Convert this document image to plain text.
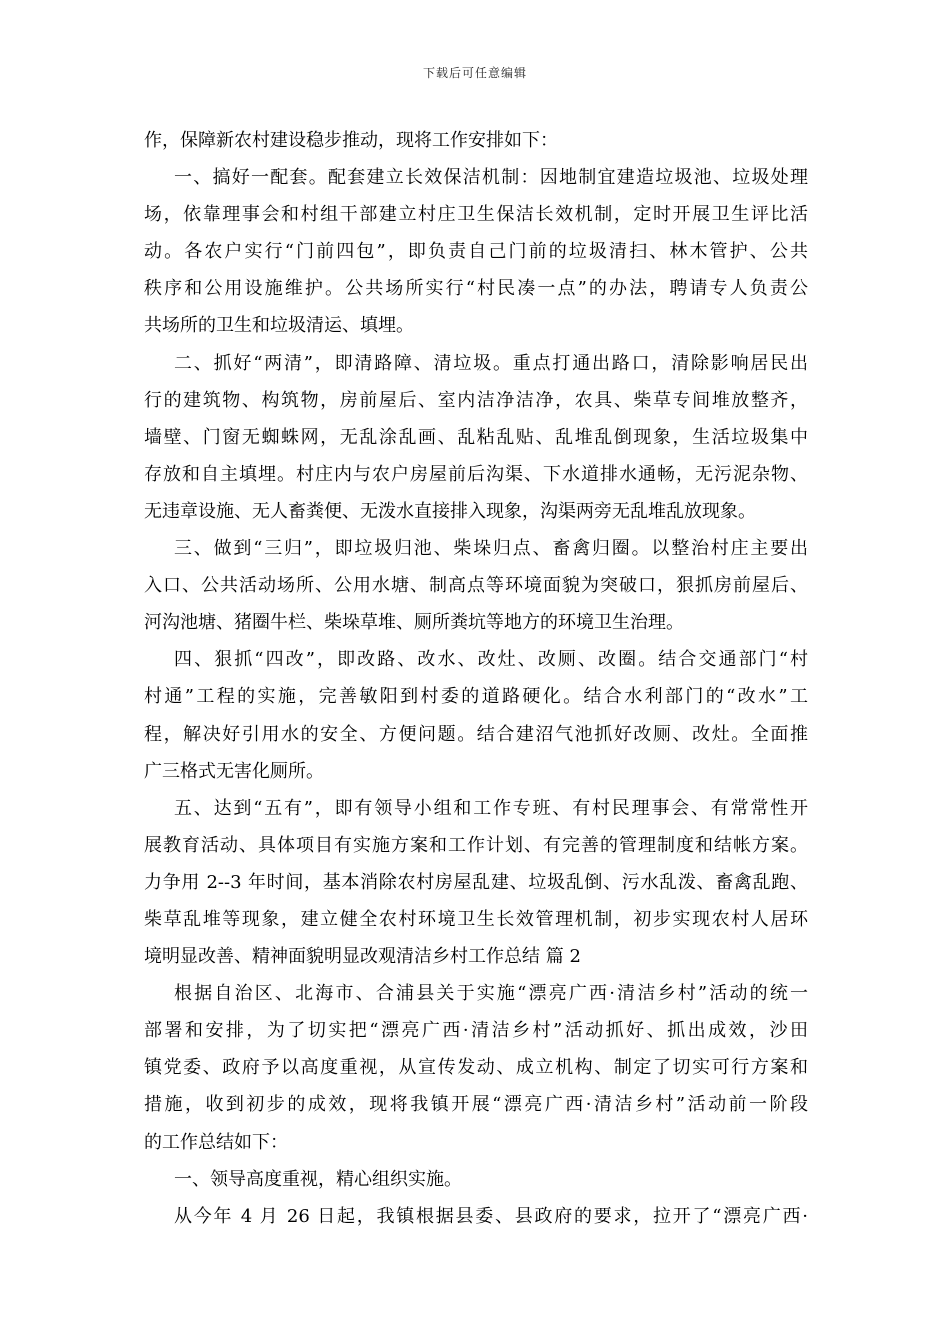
下载后可任意编辑
作，保障新农村建设稳步推动，现将工作安排如下：
一、搞好一配套。配套建立长效保洁机制：因地制宜建造垃圾池、垃圾处理
场，依靠理事会和村组干部建立村庄卫生保洁长效机制，定时开展卫生评比活
动。各农户实行“门前四包”，即负责自己门前的垃圾清扫、林木管护、公共
秩序和公用设施维护。公共场所实行“村民凑一点”的办法，聘请专人负责公
共场所的卫生和垃圾清运、填埋。
二、抓好“两清”，即清路障、清垃圾。重点打通出路口，清除影响居民出
行的建筑物、构筑物，房前屋后、室内洁净洁净，农具、柴草专间堆放整齐，
墙壁、门窗无蜘蛛网，无乱涂乱画、乱粘乱贴、乱堆乱倒现象，生活垃圾集中
存放和自主填埋。村庄内与农户房屋前后沟渠、下水道排水通畅，无污泥杂物、
无违章设施、无人畜粪便、无泼水直接排入现象，沟渠两旁无乱堆乱放现象。
三、做到“三归”，即垃圾归池、柴垛归点、畜禽归圈。以整治村庄主要出
入口、公共活动场所、公用水塘、制高点等环境面貌为突破口，狠抓房前屋后、
河沟池塘、猪圈牛栏、柴垛草堆、厕所粪坑等地方的环境卫生治理。
四、狠抓“四改”，即改路、改水、改灶、改厕、改圈。结合交通部门“村
村通”工程的实施，完善敏阳到村委的道路硬化。结合水利部门的“改水”工
程，解决好引用水的安全、方便问题。结合建沼气池抓好改厕、改灶。全面推
广三格式无害化厕所。
五、达到“五有”，即有领导小组和工作专班、有村民理事会、有常常性开
展教育活动、具体项目有实施方案和工作计划、有完善的管理制度和结帐方案。
力争用 2--3 年时间，基本消除农村房屋乱建、垃圾乱倒、污水乱泼、畜禽乱跑、
柴草乱堆等现象，建立健全农村环境卫生长效管理机制，初步实现农村人居环
境明显改善、精神面貌明显改观清洁乡村工作总结 篇 2
根据自治区、北海市、合浦县关于实施“漂亮广西·清洁乡村”活动的统一
部署和安排，为了切实把“漂亮广西·清洁乡村”活动抓好、抓出成效，沙田
镇党委、政府予以高度重视，从宣传发动、成立机构、制定了切实可行方案和
措施，收到初步的成效，现将我镇开展“漂亮广西·清洁乡村”活动前一阶段
的工作总结如下：
一、领导高度重视，精心组织实施。
从今年 4 月 26 日起，我镇根据县委、县政府的要求，拉开了“漂亮广西·
